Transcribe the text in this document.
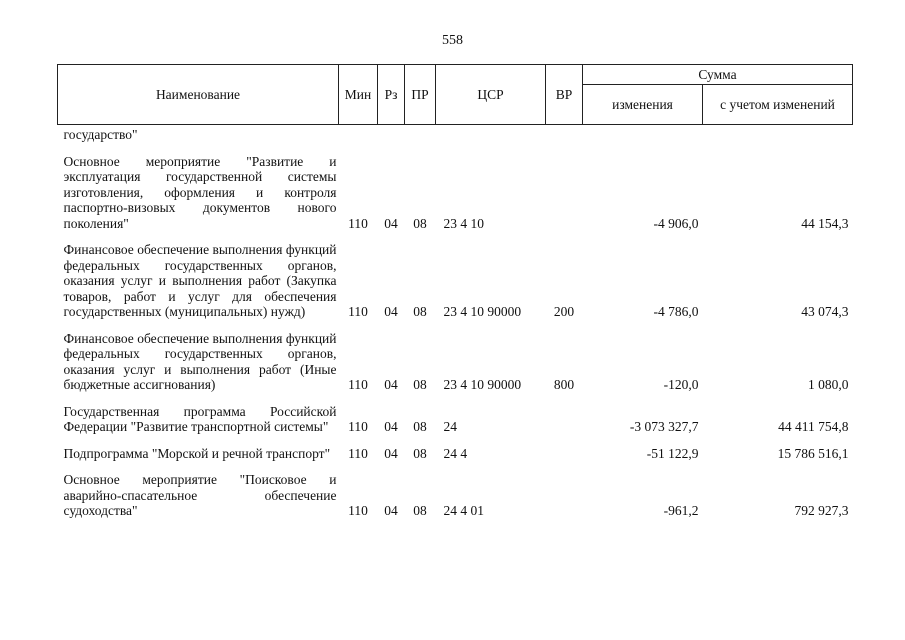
558
Наименование	Мин	Рз	ПР	ЦСР	ВР	Сумма	
						изменения	с учетом изменений
государство"							
Основное мероприятие "Развитие и эксплуатация государственной системы изготовления, оформления и контроля паспортно-визовых документов нового поколения"	110	04	08	23 4 10		-4 906,0	44 154,3
Финансовое обеспечение выполнения функций федеральных государственных органов, оказания услуг и выполнения работ (Закупка товаров, работ и услуг для обеспечения государственных (муниципальных) нужд)	110	04	08	23 4 10 90000	200	-4 786,0	43 074,3
Финансовое обеспечение выполнения функций федеральных государственных органов, оказания услуг и выполнения работ (Иные бюджетные ассигнования)	110	04	08	23 4 10 90000	800	-120,0	1 080,0
Государственная программа Российской Федерации "Развитие транспортной системы"	110	04	08	24		-3 073 327,7	44 411 754,8
Подпрограмма "Морской и речной транспорт"	110	04	08	24 4		-51 122,9	15 786 516,1
Основное мероприятие "Поисковое и аварийно-спасательное обеспечение судоходства"	110	04	08	24 4 01		-961,2	792 927,3
